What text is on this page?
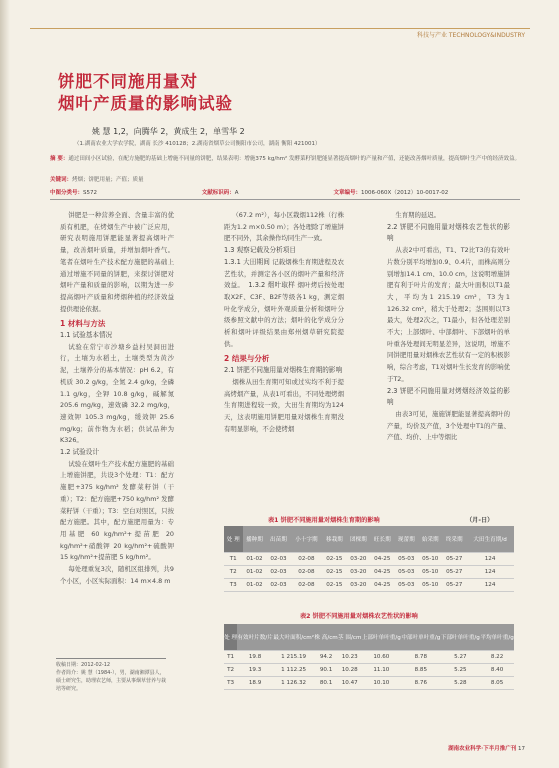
科技与产业 TECHNOLOGY&INDUSTRY
饼肥不同施用量对
烟叶产质量的影响试验
姚 慧 1,2，向腾华 2，黄成生 2，单雪华 2
（1.湖南农业大学农学院，湖南 长沙 410128；2.湖南省烟草公司衡阳市公司，湖南 衡阳 421001）
摘 要：通过田间小区试验，在配方施肥的基础上增施不同量的饼肥，结果表明：增施375 kg/hm² 发酵菜籽饼肥能显著提高烟叶的产量和产值，还能改善烟叶质量，提高烟叶生产中的经济效益。
关键词：烤烟；饼肥用量；产值；质量
中图分类号：S572	文献标识码：A	文章编号：1006-060X（2012）10-0017-02

饼肥是一种营养全面、含量丰富的优质有机肥，在烤烟生产中被广泛应用，研究表明施用饼肥能显著提高烟叶产量，改善烟叶质量，并增加烟叶香气。笔者在烟叶生产技术配方施肥的基础上通过增施不同量的饼肥，来探讨饼肥对烟叶产量和质量的影响，以期为进一步提高烟叶产质量和烤烟种植的经济效益提供理论依据。

1 材料与方法

1.1 试验基本情况

试验在常宁市沙塘乡益村吴洞田进行，土壤为水稻土，土壤类型为黄沙泥，土壤养分的基本情况：pH 6.2，有机质 30.2 g/kg，全氮 2.4 g/kg，全磷 1.1 g/kg，全钾 10.8 g/kg，碱解氮 205.6 mg/kg，速效磷 32.2 mg/kg，速效钾 105.3 mg/kg，缓效钾 25.6 mg/kg；前作物为水稻；供试品种为K326。

1.2 试验设计

试验在烟叶生产技术配方施肥的基础上增施饼肥，共设3个处理：T1：配方施肥+375 kg/hm² 发酵菜籽饼（干重）；T2：配方施肥+750 kg/hm² 发酵菜籽饼（干重）；T3：空白对照区，只按配方施肥。其中，配方施肥用量为：专用基肥 60 kg/hm²+提苗肥 20 kg/hm²+硝酸钾 20 kg/hm²+硫酸钾 15 kg/hm²+提苗肥 5 kg/hm²。

每处理重复3次，随机区组排列，共9个小区，小区实际面积：14 m×4.8 m

收稿日期：2012-02-12
作者简介：姚 慧（1984-），男，湖南湘潭县人，硕士研究生，助理农艺师，主要从事烟草营养与栽培等研究。

（67.2 m²），每小区栽烟112株（行株距为1.2 m×0.50 m）；各处理除了增施饼肥不同外，其余操作均同生产一致。

1.3 观察记载及分析项目

1.3.1 大田期间 记载烟株生育期进程及农艺性状，并测定各小区的烟叶产量和经济效益。 1.3.2 烟叶取样 烟叶烤后按处理取X2F、C3F、B2F等级各1 kg，测定烟叶化学成分，烟叶外观质量分析和烟叶分级参照文献中的方法；烟叶的化学成分分析和烟叶评级结果由郑州烟草研究院提供。

2 结果与分析

2.1 饼肥不同施用量对烟株生育期的影响

烟株从田生育期可知或过实均不利于提高烤烟产量，从表1可看出，不同处理烤烟生育期进程较一致，大田生育期均为124天，这表明施用饼肥用量对烟株生育期没有明显影响，不会使烤烟

生育期的延迟。

2.2 饼肥不同施用量对烟株农艺性状的影响

从表2中可看出，T1、T2比T3的有效叶片数分别平均增加0.9、0.4片，而株高则分别增加14.1 cm、10.0 cm，这说明增施饼肥有利于叶片的发育；最大叶面积以T1最大，平均为1 215.19 cm²，T3为1 126.32 cm²，稍大于处理2；茎围则以T3最大，处理2次之，T1最小，但各处理差别不大；上部烟叶、中部烟叶、下部烟叶的单叶重各处理间无明显差异，这说明，增施不同饼肥用量对烟株农艺性状有一定的积极影响，综合考虑，T1对烟叶生长发育的影响优于T2。

2.3 饼肥不同施用量对烤烟经济效益的影响

由表3可见，施施饼肥能显著提高烟叶的产量，均价及产值，3个处理中T1的产量、产值、均价、上中等烟比

表1 饼肥不同施用量对烟株生育期的影响	（月-日）
处 理	播种期	出苗期	小十字期	移栽期	团棵期	旺长期	现蕾期	始采期	终采期	大田生育期/d
T1	01-02	02-03	02-08	02-15	03-20	04-25	05-03	05-10	05-27	124
T2	01-02	02-03	02-08	02-15	03-20	04-25	05-03	05-10	05-27	124
T3	01-02	02-03	02-08	02-15	03-20	04-25	05-03	05-10	05-27	124
表2 饼肥不同施用量对烟株农艺性状的影响
处 理	有效叶片数/片	最大叶面积/cm²	株 高/cm	茎 围/cm	上部叶单叶重/g	中部叶单叶重/g	下部叶单叶重/g	平均单叶重/g
T1	19.8	1 215.19	94.2	10.23	10.60	8.78	5.27	8.22
T2	19.3	1 112.25	90.1	10.28	11.10	8.85	5.25	8.40
T3	18.9	1 126.32	80.1	10.47	10.10	8.76	5.28	8.05
湖南农业科学·下半月推广刊 17
